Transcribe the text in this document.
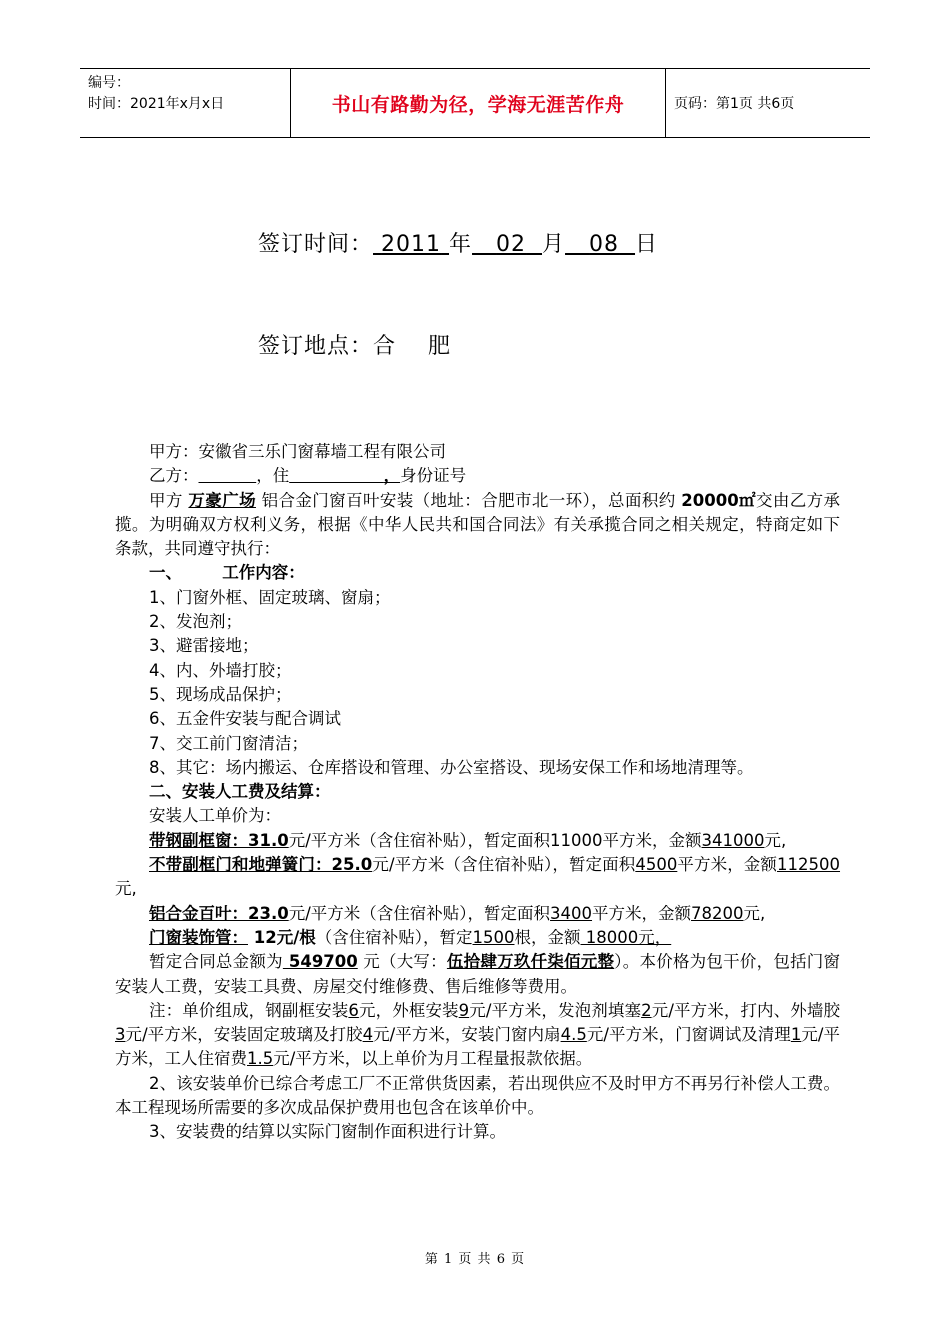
编号：
时间：2021年x月x日	书山有路勤为径，学海无涯苦作舟	页码：第1页 共6页
签订时间： 2011 年 02 月 08 日
签订地点：合    肥

甲方：安徽省三乐门窗幕墙工程有限公司

乙方：	，住	，身份证号

甲方 万豪广场 铝合金门窗百叶安装（地址：合肥市北一环），总面积约 20000㎡交由乙方承揽。为明确双方权利义务，根据《中华人民共和国合同法》有关承揽合同之相关规定，特商定如下条款，共同遵守执行：

一、       工作内容：

1、门窗外框、固定玻璃、窗扇；

2、发泡剂；

3、避雷接地；

4、内、外墙打胶；

5、现场成品保护；

6、五金件安装与配合调试

7、交工前门窗清洁；

8、其它：场内搬运、仓库搭设和管理、办公室搭设、现场安保工作和场地清理等。

二、安装人工费及结算：

安装人工单价为：

带钢副框窗：31.0元/平方米（含住宿补贴），暂定面积11000平方米，金额341000元,

不带副框门和地弹簧门：25.0元/平方米（含住宿补贴），暂定面积4500平方米，金额112500元,

铝合金百叶：23.0元/平方米（含住宿补贴），暂定面积3400平方米，金额78200元,

门窗装饰管： 12元/根（含住宿补贴），暂定1500根，金额 18000元，

暂定合同总金额为 549700 元（大写：伍拾肆万玖仟柒佰元整）。本价格为包干价，包括门窗安装人工费，安装工具费、房屋交付维修费、售后维修等费用。

注：单价组成，钢副框安装6元，外框安装9元/平方米，发泡剂填塞2元/平方米，打内、外墙胶3元/平方米，安装固定玻璃及打胶4元/平方米，安装门窗内扇4.5元/平方米，门窗调试及清理1元/平方米，工人住宿费1.5元/平方米，以上单价为月工程量报款依据。

2、该安装单价已综合考虑工厂不正常供货因素，若出现供应不及时甲方不再另行补偿人工费。本工程现场所需要的多次成品保护费用也包含在该单价中。

3、安装费的结算以实际门窗制作面积进行计算。

第 1 页 共 6 页
